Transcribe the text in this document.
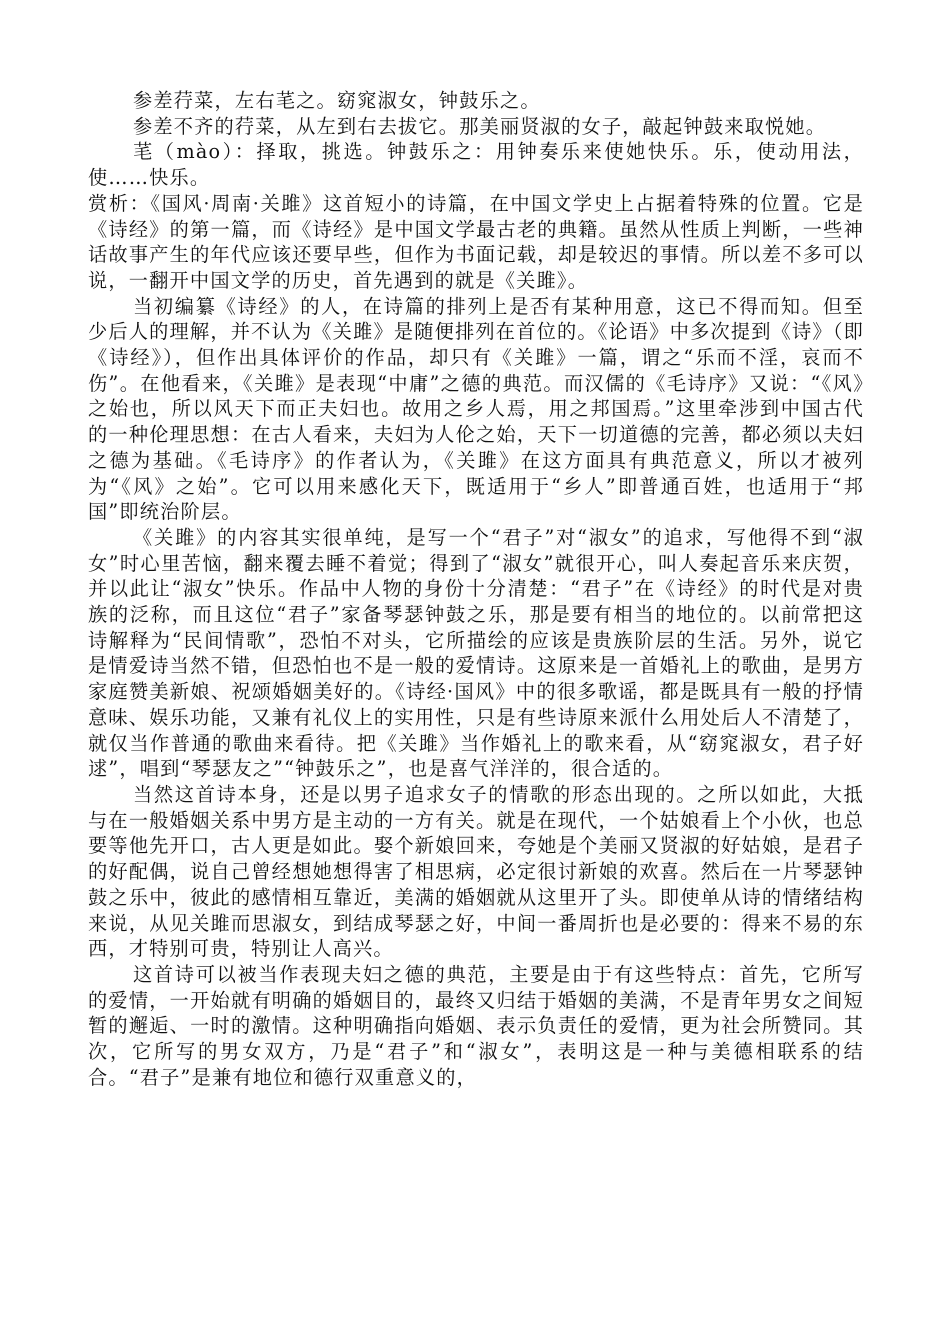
参差荇菜，左右芼之。窈窕淑女，钟鼓乐之。

参差不齐的荇菜，从左到右去拔它。那美丽贤淑的女子，敲起钟鼓来取悦她。

芼（mào）：择取，挑选。钟鼓乐之：用钟奏乐来使她快乐。乐，使动用法，使……快乐。

赏析：《国风·周南·关雎》这首短小的诗篇，在中国文学史上占据着特殊的位置。它是《诗经》的第一篇，而《诗经》是中国文学最古老的典籍。虽然从性质上判断，一些神话故事产生的年代应该还要早些，但作为书面记载，却是较迟的事情。所以差不多可以说，一翻开中国文学的历史，首先遇到的就是《关雎》。

当初编纂《诗经》的人，在诗篇的排列上是否有某种用意，这已不得而知。但至少后人的理解，并不认为《关雎》是随便排列在首位的。《论语》中多次提到《诗》（即《诗经》），但作出具体评价的作品，却只有《关雎》一篇，谓之“乐而不淫，哀而不伤”。在他看来，《关雎》是表现“中庸”之德的典范。而汉儒的《毛诗序》又说：“《风》之始也，所以风天下而正夫妇也。故用之乡人焉，用之邦国焉。”这里牵涉到中国古代的一种伦理思想：在古人看来，夫妇为人伦之始，天下一切道德的完善，都必须以夫妇之德为基础。《毛诗序》的作者认为，《关雎》在这方面具有典范意义，所以才被列为“《风》之始”。它可以用来感化天下，既适用于“乡人”即普通百姓，也适用于“邦国”即统治阶层。

《关雎》的内容其实很单纯，是写一个“君子”对“淑女”的追求，写他得不到“淑女”时心里苦恼，翻来覆去睡不着觉；得到了“淑女”就很开心，叫人奏起音乐来庆贺，并以此让“淑女”快乐。作品中人物的身份十分清楚：“君子”在《诗经》的时代是对贵族的泛称，而且这位“君子”家备琴瑟钟鼓之乐，那是要有相当的地位的。以前常把这诗解释为“民间情歌”，恐怕不对头，它所描绘的应该是贵族阶层的生活。另外，说它是情爱诗当然不错，但恐怕也不是一般的爱情诗。这原来是一首婚礼上的歌曲，是男方家庭赞美新娘、祝颂婚姻美好的。《诗经·国风》中的很多歌谣，都是既具有一般的抒情意味、娱乐功能，又兼有礼仪上的实用性，只是有些诗原来派什么用处后人不清楚了，就仅当作普通的歌曲来看待。把《关雎》当作婚礼上的歌来看，从“窈窕淑女，君子好逑”，唱到“琴瑟友之”“钟鼓乐之”，也是喜气洋洋的，很合适的。

当然这首诗本身，还是以男子追求女子的情歌的形态出现的。之所以如此，大抵与在一般婚姻关系中男方是主动的一方有关。就是在现代，一个姑娘看上个小伙，也总要等他先开口，古人更是如此。娶个新娘回来，夸她是个美丽又贤淑的好姑娘，是君子的好配偶，说自己曾经想她想得害了相思病，必定很讨新娘的欢喜。然后在一片琴瑟钟鼓之乐中，彼此的感情相互靠近，美满的婚姻就从这里开了头。即使单从诗的情绪结构来说，从见关雎而思淑女，到结成琴瑟之好，中间一番周折也是必要的：得来不易的东西，才特别可贵，特别让人高兴。

这首诗可以被当作表现夫妇之德的典范，主要是由于有这些特点：首先，它所写的爱情，一开始就有明确的婚姻目的，最终又归结于婚姻的美满，不是青年男女之间短暂的邂逅、一时的激情。这种明确指向婚姻、表示负责任的爱情，更为社会所赞同。其次，它所写的男女双方，乃是“君子”和“淑女”，表明这是一种与美德相联系的结合。“君子”是兼有地位和德行双重意义的，
